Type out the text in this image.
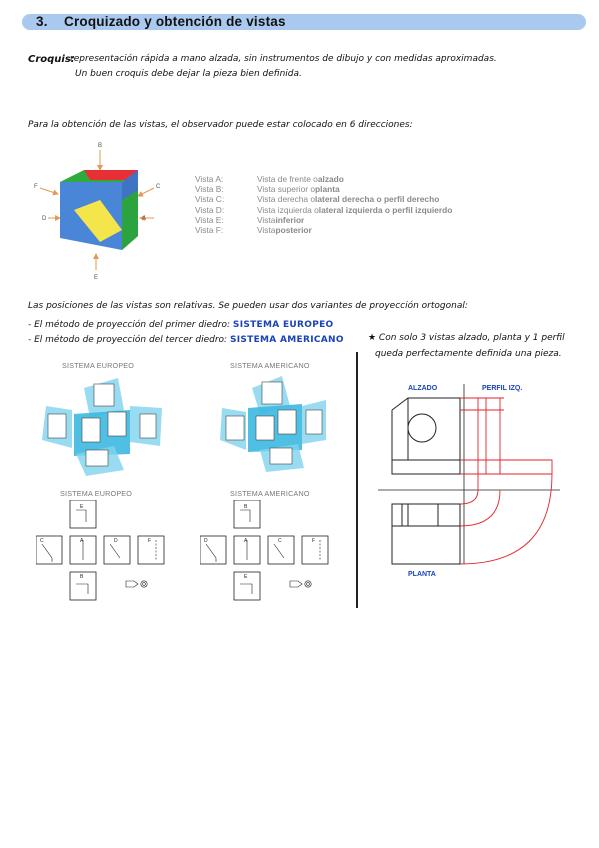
3. Croquizado y obtención de vistas
Croquis:
representación rápida a mano alzada, sin instrumentos de dibujo y con medidas aproximadas.
Un buen croquis debe dejar la pieza bien definida.
Para la obtención de las vistas, el observador puede estar colocado en 6 direcciones:
B
F	C
D	A
E
Vista A:	Vista de frente o alzado
Vista B:	Vista superior o planta
Vista C:	Vista derecha o lateral derecha o perfil derecho
Vista D:	Vista izquierda o lateral izquierda o perfil izquierdo
Vista E:	Vista inferior
Vista F:	Vista posterior
Las posiciones de las vistas son relativas. Se pueden usar dos variantes de proyección ortogonal:
- El método de proyección del primer diedro: SISTEMA EUROPEO
- El método de proyección del tercer diedro: SISTEMA AMERICANO	★ Con solo 3 vistas alzado, planta y 1 perfil
queda perfectamente definida una pieza.
SISTEMA EUROPEO	SISTEMA AMERICANO
SISTEMA EUROPEO	SISTEMA AMERICANO
E
C	A	D	F
B
B
D	A	C	F
E
ALZADO	PERFIL IZQ.
PLANTA
